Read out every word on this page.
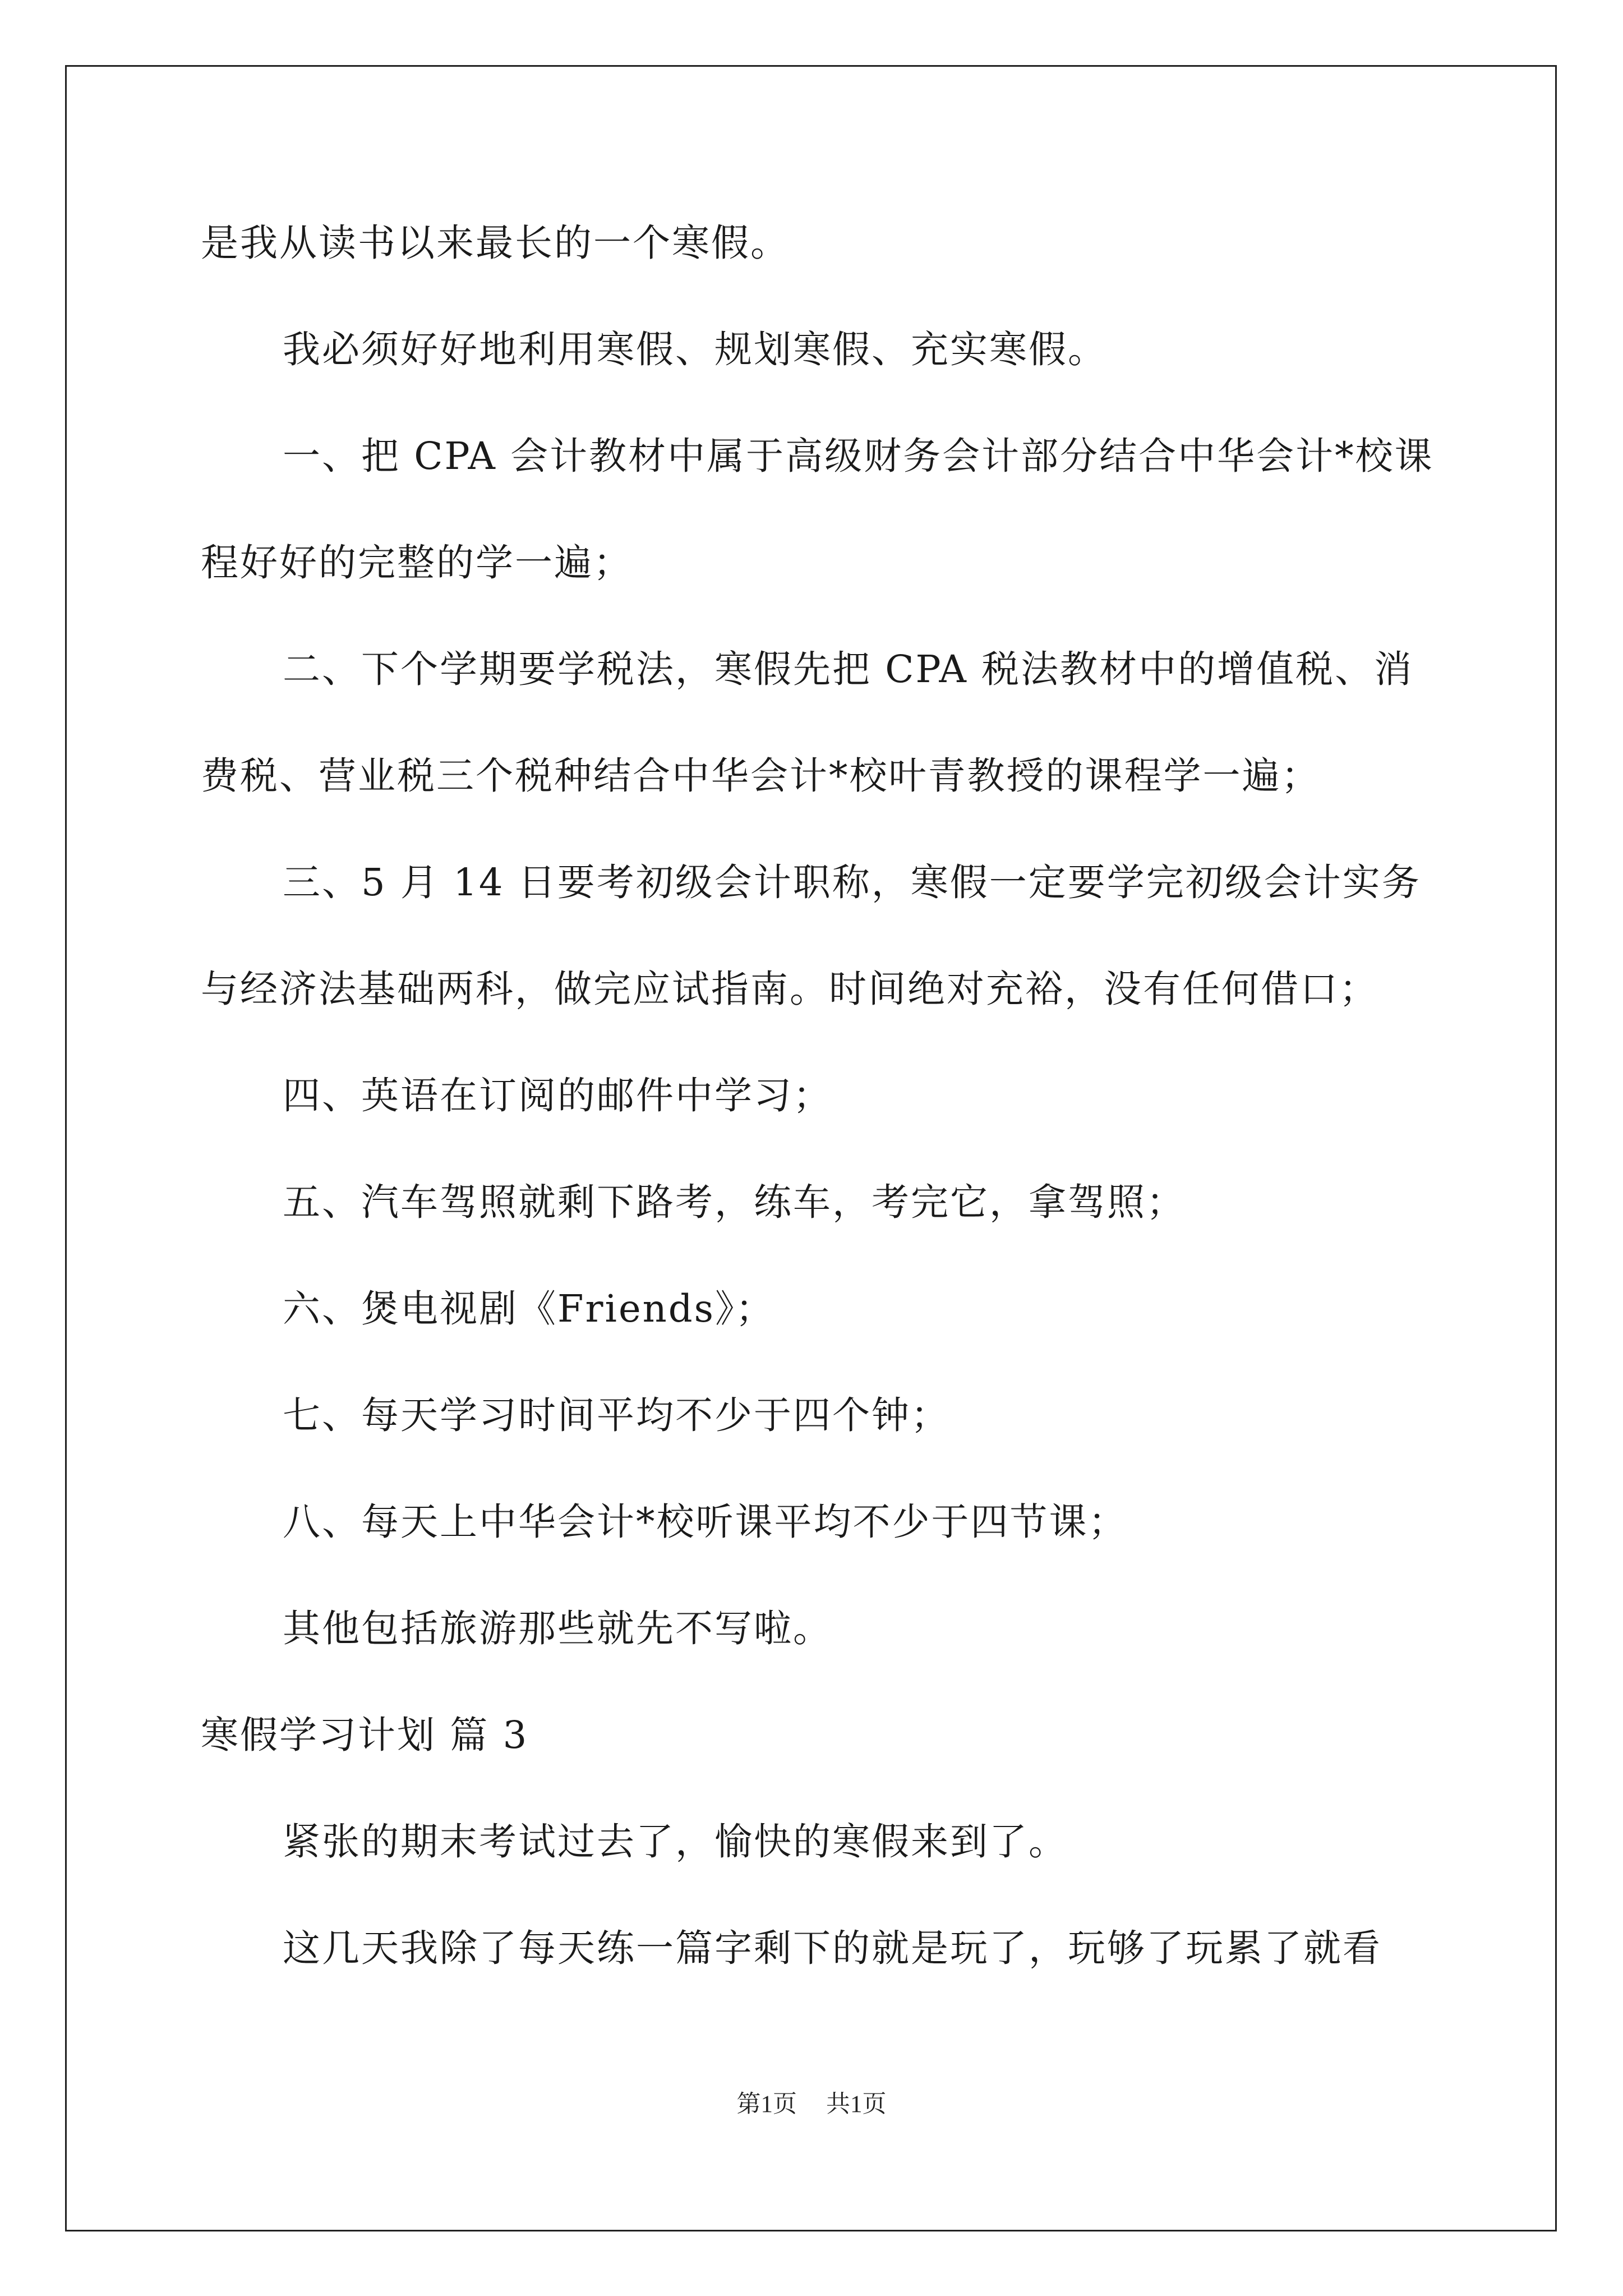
是我从读书以来最长的一个寒假。
我必须好好地利用寒假、规划寒假、充实寒假。
一、把 CPA 会计教材中属于高级财务会计部分结合中华会计*校课
程好好的完整的学一遍；
二、下个学期要学税法，寒假先把 CPA 税法教材中的增值税、消
费税、营业税三个税种结合中华会计*校叶青教授的课程学一遍；
三、5 月 14 日要考初级会计职称，寒假一定要学完初级会计实务
与经济法基础两科，做完应试指南。时间绝对充裕，没有任何借口；
四、英语在订阅的邮件中学习；
五、汽车驾照就剩下路考，练车，考完它，拿驾照；
六、煲电视剧《Friends》；
七、每天学习时间平均不少于四个钟；
八、每天上中华会计*校听课平均不少于四节课；
其他包括旅游那些就先不写啦。
寒假学习计划 篇 3
紧张的期末考试过去了，愉快的寒假来到了。
这几天我除了每天练一篇字剩下的就是玩了，玩够了玩累了就看
第1页 共1页
